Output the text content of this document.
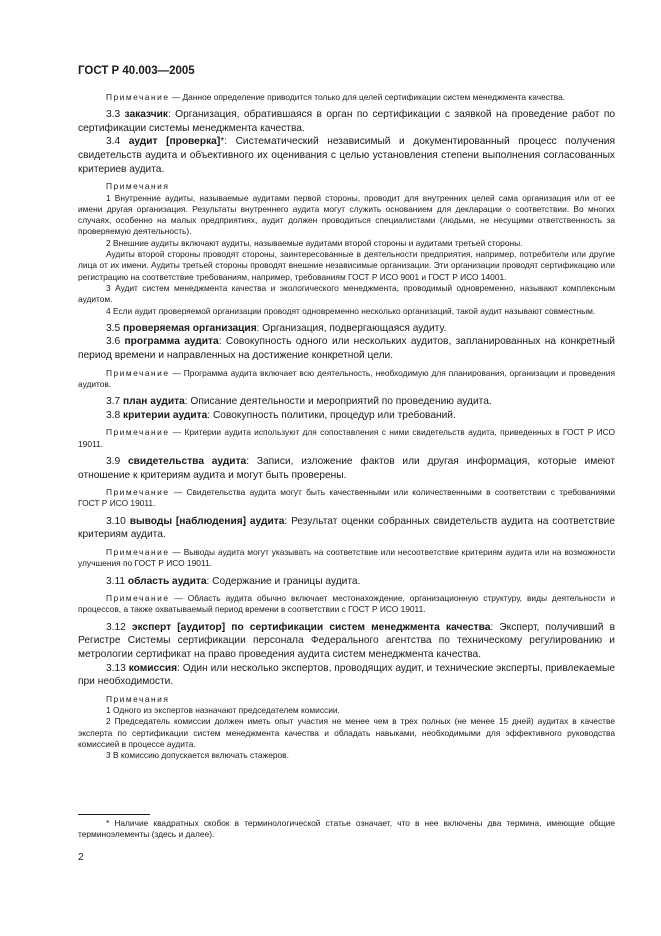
ГОСТ Р 40.003—2005

Примечание — Данное определение приводится только для целей сертификации систем менеджмента качества.

3.3 заказчик: Организация, обратившаяся в орган по сертификации с заявкой на проведение работ по сертификации системы менеджмента качества.

3.4 аудит [проверка]*: Систематический независимый и документированный процесс получения свидетельств аудита и объективного их оценивания с целью установления степени выполнения согласованных критериев аудита.

Примечания

1 Внутренние аудиты, называемые аудитами первой стороны, проводит для внутренних целей сама организация или от ее имени другая организация. Результаты внутреннего аудита могут служить основанием для декларации о соответствии. Во многих случаях, особенно на малых предприятиях, аудит должен проводиться специалистами (людьми, не несущими ответственность за проверяемую деятельность).

2 Внешние аудиты включают аудиты, называемые аудитами второй стороны и аудитами третьей стороны.

Аудиты второй стороны проводят стороны, заинтересованные в деятельности предприятия, например, потребители или другие лица от их имени. Аудиты третьей стороны проводят внешние независимые организации. Эти организации проводят сертификацию или регистрацию на соответствие требованиям, например, требованиям ГОСТ Р ИСО 9001 и ГОСТ Р ИСО 14001.

3 Аудит систем менеджмента качества и экологического менеджмента, проводимый одновременно, называют комплексным аудитом.

4 Если аудит проверяемой организации проводят одновременно несколько организаций, такой аудит называют совместным.

3.5 проверяемая организация: Организация, подвергающаяся аудиту.

3.6 программа аудита: Совокупность одного или нескольких аудитов, запланированных на конкретный период времени и направленных на достижение конкретной цели.

Примечание — Программа аудита включает всю деятельность, необходимую для планирования, организации и проведения аудитов.

3.7 план аудита: Описание деятельности и мероприятий по проведению аудита.

3.8 критерии аудита: Совокупность политики, процедур или требований.

Примечание — Критерии аудита используют для сопоставления с ними свидетельств аудита, приведенных в ГОСТ Р ИСО 19011.

3.9 свидетельства аудита: Записи, изложение фактов или другая информация, которые имеют отношение к критериям аудита и могут быть проверены.

Примечание — Свидетельства аудита могут быть качественными или количественными в соответствии с требованиями ГОСТ Р ИСО 19011.

3.10 выводы [наблюдения] аудита: Результат оценки собранных свидетельств аудита на соответствие критериям аудита.

Примечание — Выводы аудита могут указывать на соответствие или несоответствие критериям аудита или на возможности улучшения по ГОСТ Р ИСО 19011.

3.11 область аудита: Содержание и границы аудита.

Примечание — Область аудита обычно включает местонахождение, организационную структуру, виды деятельности и процессов, а также охватываемый период времени в соответствии с ГОСТ Р ИСО 19011.

3.12 эксперт [аудитор] по сертификации систем менеджмента качества: Эксперт, получивший в Регистре Системы сертификации персонала Федерального агентства по техническому регулированию и метрологии сертификат на право проведения аудита систем менеджмента качества.

3.13 комиссия: Один или несколько экспертов, проводящих аудит, и технические эксперты, привлекаемые при необходимости.

Примечания

1 Одного из экспертов назначают председателем комиссии.

2 Председатель комиссии должен иметь опыт участия не менее чем в трех полных (не менее 15 дней) аудитах в качестве эксперта по сертификации систем менеджмента качества и обладать навыками, необходимыми для эффективного руководства комиссией в процессе аудита.

3 В комиссию допускается включать стажеров.

* Наличие квадратных скобок в терминологической статье означает, что в нее включены два термина, имеющие общие терминоэлементы (здесь и далее).

2
